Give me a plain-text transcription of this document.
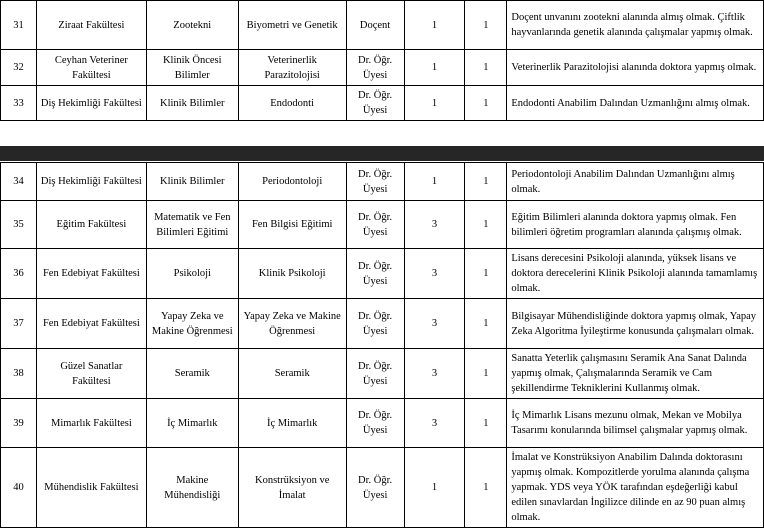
31	Ziraat Fakültesi	Zootekni	Biyometri ve Genetik	Doçent	1	1	Doçent unvanını zootekni alanında almış olmak. Çiftlik hayvanlarında genetik alanında çalışmalar yapmış olmak.
32	Ceyhan Veteriner Fakültesi	Klinik Öncesi Bilimler	Veterinerlik Parazitolojisi	Dr. Öğr. Üyesi	1	1	Veterinerlik Parazitolojisi alanında doktora yapmış olmak.
33	Diş Hekimliği Fakültesi	Klinik Bilimler	Endodonti	Dr. Öğr. Üyesi	1	1	Endodonti Anabilim Dalından Uzmanlığını almış olmak.
34	Diş Hekimliği Fakültesi	Klinik Bilimler	Periodontoloji	Dr. Öğr. Üyesi	1	1	Periodontoloji Anabilim Dalından Uzmanlığını almış olmak.
35	Eğitim Fakültesi	Matematik ve Fen Bilimleri Eğitimi	Fen Bilgisi Eğitimi	Dr. Öğr. Üyesi	3	1	Eğitim Bilimleri alanında doktora yapmış olmak. Fen bilimleri öğretim programları alanında çalışmış olmak.
36	Fen Edebiyat Fakültesi	Psikoloji	Klinik Psikoloji	Dr. Öğr. Üyesi	3	1	Lisans derecesini Psikoloji alanında, yüksek lisans ve doktora derecelerini Klinik Psikoloji alanında tamamlamış olmak.
37	Fen Edebiyat Fakültesi	Yapay Zeka ve Makine Öğrenmesi	Yapay Zeka ve Makine Öğrenmesi	Dr. Öğr. Üyesi	3	1	Bilgisayar Mühendisliğinde doktora yapmış olmak, Yapay Zeka Algoritma İyileştirme konusunda çalışmaları olmak.
38	Güzel Sanatlar Fakültesi	Seramik	Seramik	Dr. Öğr. Üyesi	3	1	Sanatta Yeterlik çalışmasını Seramik Ana Sanat Dalında yapmış olmak, Çalışmalarında Seramik ve Cam şekillendirme Tekniklerini Kullanmış olmak.
39	Mimarlık Fakültesi	İç Mimarlık	İç Mimarlık	Dr. Öğr. Üyesi	3	1	İç Mimarlık Lisans mezunu olmak, Mekan ve Mobilya Tasarımı konularında bilimsel çalışmalar yapmış olmak.
40	Mühendislik Fakültesi	Makine Mühendisliği	Konstrüksiyon ve İmalat	Dr. Öğr. Üyesi	1	1	İmalat ve Konstrüksiyon Anabilim Dalında doktorasını yapmış olmak. Kompozitlerde yorulma alanında çalışma yapmak. YDS veya YÖK tarafından eşdeğerliği kabul edilen sınavlardan İngilizce dilinde en az 90 puan almış olmak.
